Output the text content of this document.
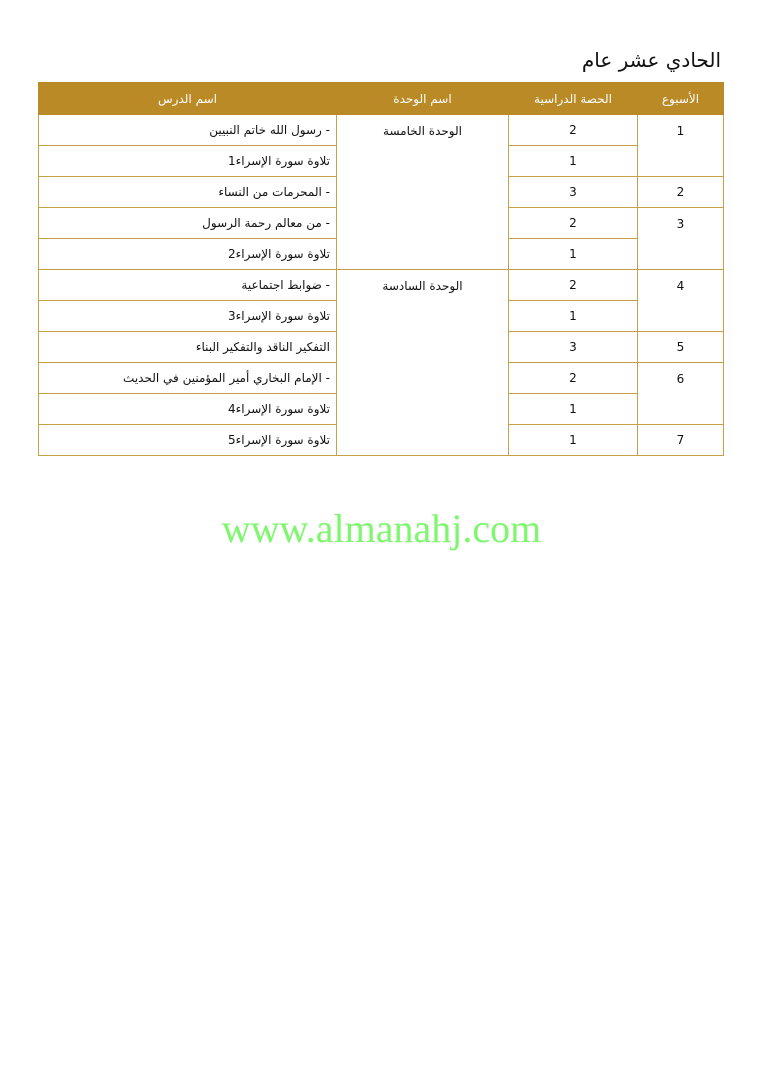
الحادي عشر عام
الأسبوع	الحصة الدراسية	اسم الوحدة	اسم الدرس
1	2	الوحدة الخامسة	- رسول الله خاتم النبيين
	1		تلاوة سورة الإسراء1
2	3		- المحرمات من النساء
3	2		- من معالم رحمة الرسول
	1		تلاوة سورة الإسراء2
4	2	الوحدة السادسة	- ضوابط اجتماعية
	1		تلاوة سورة الإسراء3
5	3		التفكير الناقد والتفكير البناء
6	2		- الإمام البخاري أمير المؤمنين في الحديث
	1		تلاوة سورة الإسراء4
7	1		تلاوة سورة الإسراء5
www.almanahj.com
